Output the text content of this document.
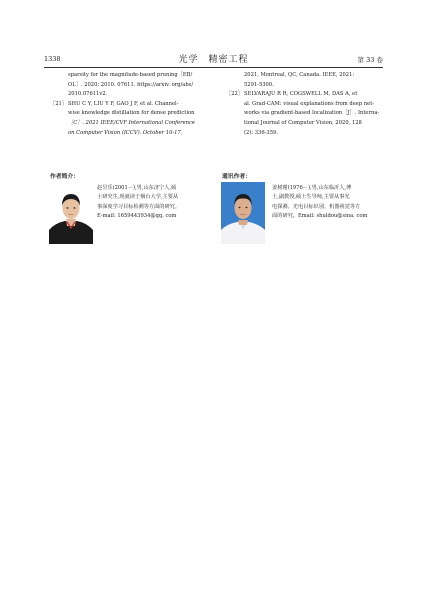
1338	光学　精密工程	第 33 卷
sparsity for the magnitude-based pruning［EB/
OL］. 2020; 2010. 07611. https://arxiv. org/abs/
2010.07611v2.
［21］ SHU C Y, LIU Y F, GAO J F, et al. Channel-
wise knowledge distillation for dense prediction
［C］. 2021 IEEE/CVF International Conference
on Computer Vision (ICCV). October 10-17,
2021, Montreal, QC, Canada. IEEE, 2021:
5291-5300.
［22］ SELVARAJU R R, COGSWELL M, DAS A, et
al. Grad-CAM: visual explanations from deep net-
works via gradient-based localization［J］. Interna-
tional Journal of Computer Vision, 2020, 128
(2): 336-359.
作者简介：
赵昱乐(2001－),男,山东济宁人,硕
士研究生,现就读于烟台大学,主要从
事深度学习目标检测等方面的研究。
E-mail: 1659443934@qq. com
通讯作者：
姜树瑾(1976－),男,山东临沂人,博
士,副教授,硕士生导师,主要从事光
电探测、光电目标识别、机器视觉等方
面的研究。Email: shuldou@sina. com
